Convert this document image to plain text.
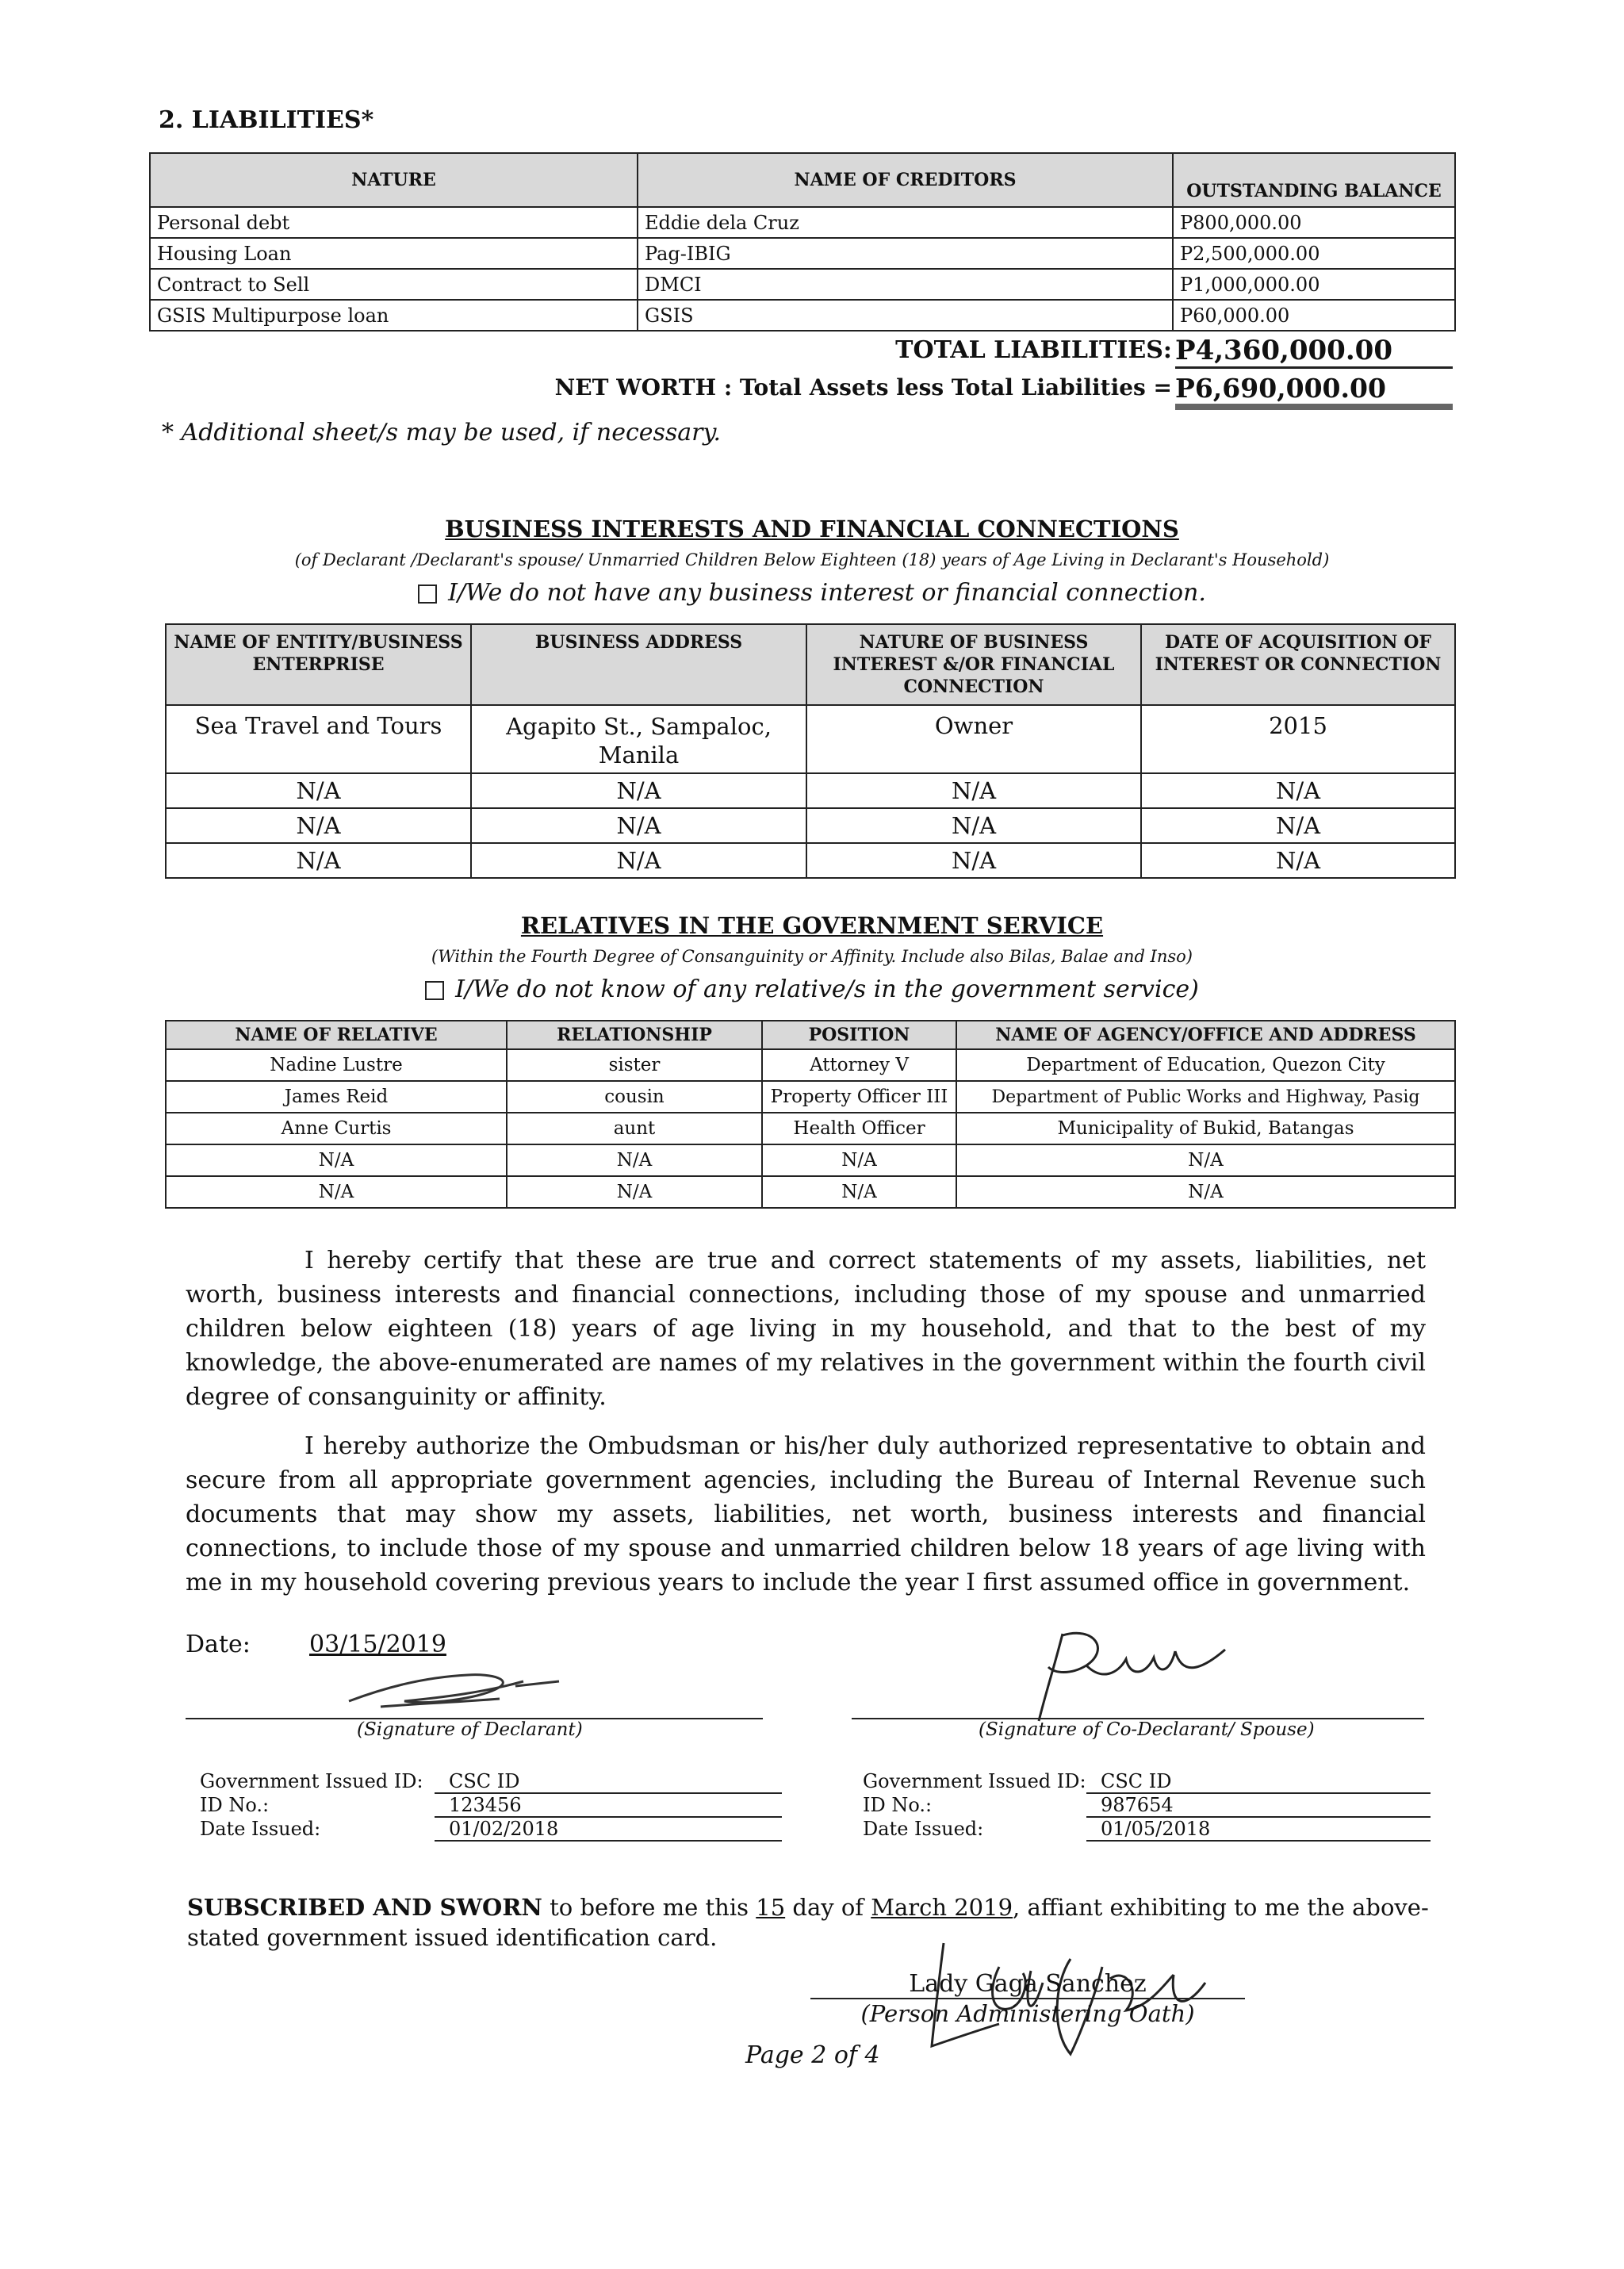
2. LIABILITIES*
NATURE	NAME OF CREDITORS	OUTSTANDING BALANCE
Personal debt	Eddie dela Cruz	P800,000.00
Housing Loan	Pag-IBIG	P2,500,000.00
Contract to Sell	DMCI	P1,000,000.00
GSIS Multipurpose loan	GSIS	P60,000.00
TOTAL LIABILITIES: P4,360,000.00
NET WORTH : Total Assets less Total Liabilities = P6,690,000.00
* Additional sheet/s may be used, if necessary.
BUSINESS INTERESTS AND FINANCIAL CONNECTIONS
(of Declarant /Declarant's spouse/ Unmarried Children Below Eighteen (18) years of Age Living in Declarant's Household)
I/We do not have any business interest or financial connection.
NAME OF ENTITY/BUSINESS ENTERPRISE	BUSINESS ADDRESS	NATURE OF BUSINESS INTEREST &/OR FINANCIAL CONNECTION	DATE OF ACQUISITION OF INTEREST OR CONNECTION
Sea Travel and Tours	Agapito St., Sampaloc, Manila	Owner	2015
N/A	N/A	N/A	N/A
N/A	N/A	N/A	N/A
N/A	N/A	N/A	N/A
RELATIVES IN THE GOVERNMENT SERVICE
(Within the Fourth Degree of Consanguinity or Affinity. Include also Bilas, Balae and Inso)
I/We do not know of any relative/s in the government service)
NAME OF RELATIVE	RELATIONSHIP	POSITION	NAME OF AGENCY/OFFICE AND ADDRESS
Nadine Lustre	sister	Attorney V	Department of Education, Quezon City
James Reid	cousin	Property Officer III	Department of Public Works and Highway, Pasig
Anne Curtis	aunt	Health Officer	Municipality of Bukid, Batangas
N/A	N/A	N/A	N/A
N/A	N/A	N/A	N/A
I hereby certify that these are true and correct statements of my assets, liabilities, net worth, business interests and financial connections, including those of my spouse and unmarried children below eighteen (18) years of age living in my household, and that to the best of my knowledge, the above-enumerated are names of my relatives in the government within the fourth civil degree of consanguinity or affinity.
I hereby authorize the Ombudsman or his/her duly authorized representative to obtain and secure from all appropriate government agencies, including the Bureau of Internal Revenue such documents that may show my assets, liabilities, net worth, business interests and financial connections, to include those of my spouse and unmarried children below 18 years of age living with me in my household covering previous years to include the year I first assumed office in government.
Date: 03/15/2019
(Signature of Declarant)	(Signature of Co-Declarant/ Spouse)
Government Issued ID:	CSC ID
ID No.:	123456
Date Issued:	01/02/2018
Government Issued ID: CSC ID
ID No.:	987654
Date Issued:	01/05/2018
SUBSCRIBED AND SWORN to before me this 15 day of March 2019, affiant exhibiting to me the above-stated government issued identification card.
Lady Gaga Sanchez
(Person Administering Oath)
Page 2 of 4
